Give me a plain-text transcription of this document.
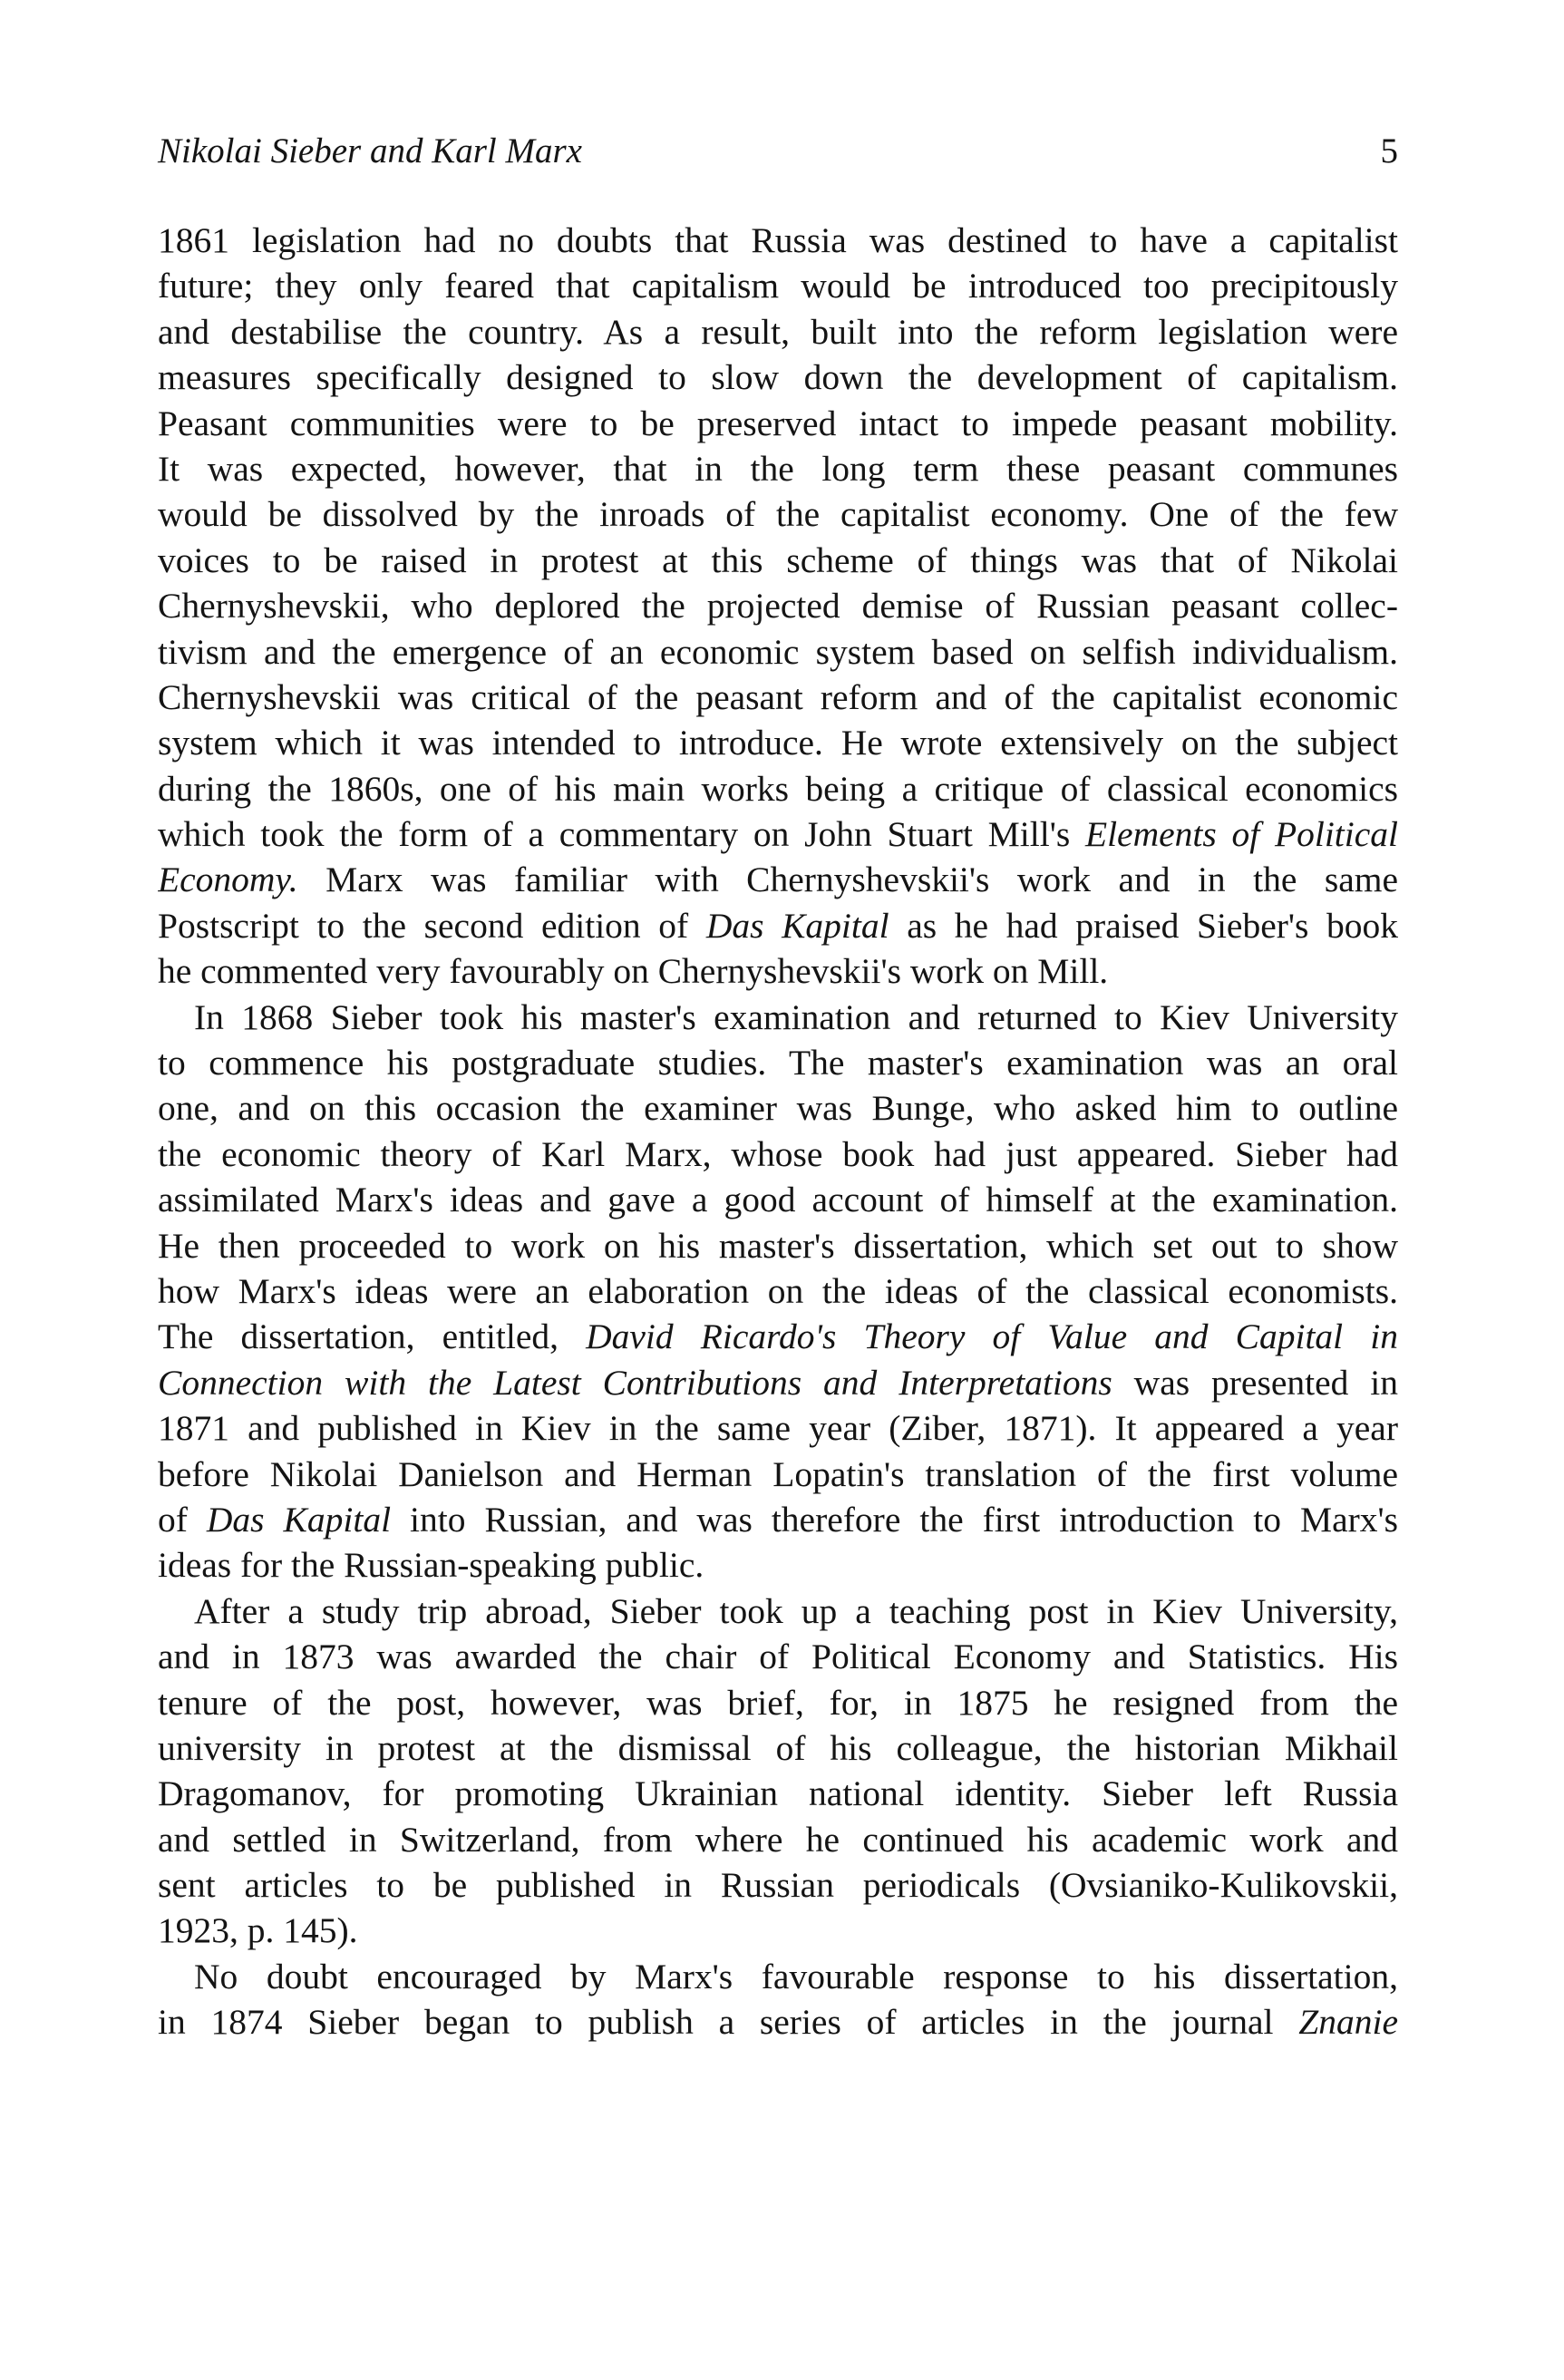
Nikolai Sieber and Karl Marx	5
1861 legislation had no doubts that Russia was destined to have a capitalist
future; they only feared that capitalism would be introduced too precipitously
and destabilise the country. As a result, built into the reform legislation were
measures specifically designed to slow down the development of capitalism.
Peasant communities were to be preserved intact to impede peasant mobility.
It was expected, however, that in the long term these peasant communes
would be dissolved by the inroads of the capitalist economy. One of the few
voices to be raised in protest at this scheme of things was that of Nikolai
Chernyshevskii, who deplored the projected demise of Russian peasant collec-
tivism and the emergence of an economic system based on selfish individualism.
Chernyshevskii was critical of the peasant reform and of the capitalist economic
system which it was intended to introduce. He wrote extensively on the subject
during the 1860s, one of his main works being a critique of classical economics
which took the form of a commentary on John Stuart Mill's Elements of Political
Economy. Marx was familiar with Chernyshevskii's work and in the same
Postscript to the second edition of Das Kapital as he had praised Sieber's book
he commented very favourably on Chernyshevskii's work on Mill.
In 1868 Sieber took his master's examination and returned to Kiev University
to commence his postgraduate studies. The master's examination was an oral
one, and on this occasion the examiner was Bunge, who asked him to outline
the economic theory of Karl Marx, whose book had just appeared. Sieber had
assimilated Marx's ideas and gave a good account of himself at the examination.
He then proceeded to work on his master's dissertation, which set out to show
how Marx's ideas were an elaboration on the ideas of the classical economists.
The dissertation, entitled, David Ricardo's Theory of Value and Capital in
Connection with the Latest Contributions and Interpretations was presented in
1871 and published in Kiev in the same year (Ziber, 1871). It appeared a year
before Nikolai Danielson and Herman Lopatin's translation of the first volume
of Das Kapital into Russian, and was therefore the first introduction to Marx's
ideas for the Russian-speaking public.
After a study trip abroad, Sieber took up a teaching post in Kiev University,
and in 1873 was awarded the chair of Political Economy and Statistics. His
tenure of the post, however, was brief, for, in 1875 he resigned from the
university in protest at the dismissal of his colleague, the historian Mikhail
Dragomanov, for promoting Ukrainian national identity. Sieber left Russia
and settled in Switzerland, from where he continued his academic work and
sent articles to be published in Russian periodicals (Ovsianiko-Kulikovskii,
1923, p. 145).
No doubt encouraged by Marx's favourable response to his dissertation,
in 1874 Sieber began to publish a series of articles in the journal Znanie
